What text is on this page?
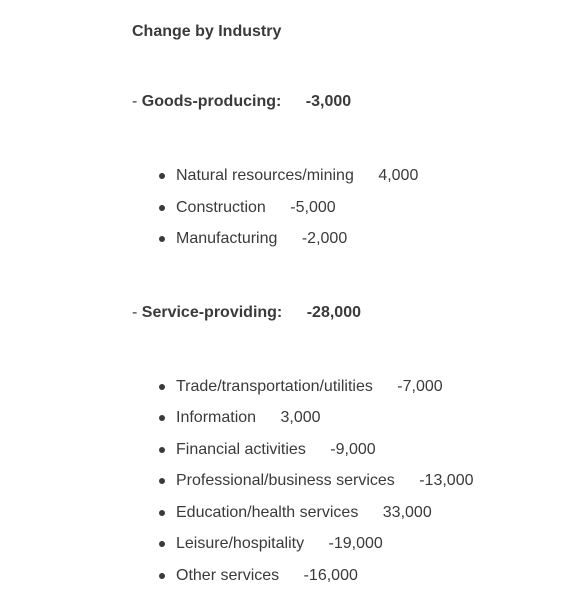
Change by Industry

- Goods-producing: -3,000

Natural resources/mining 4,000
Construction -5,000
Manufacturing -2,000

- Service-providing: -28,000

Trade/transportation/utilities -7,000
Information 3,000
Financial activities -9,000
Professional/business services -13,000
Education/health services 33,000
Leisure/hospitality -19,000
Other services -16,000
